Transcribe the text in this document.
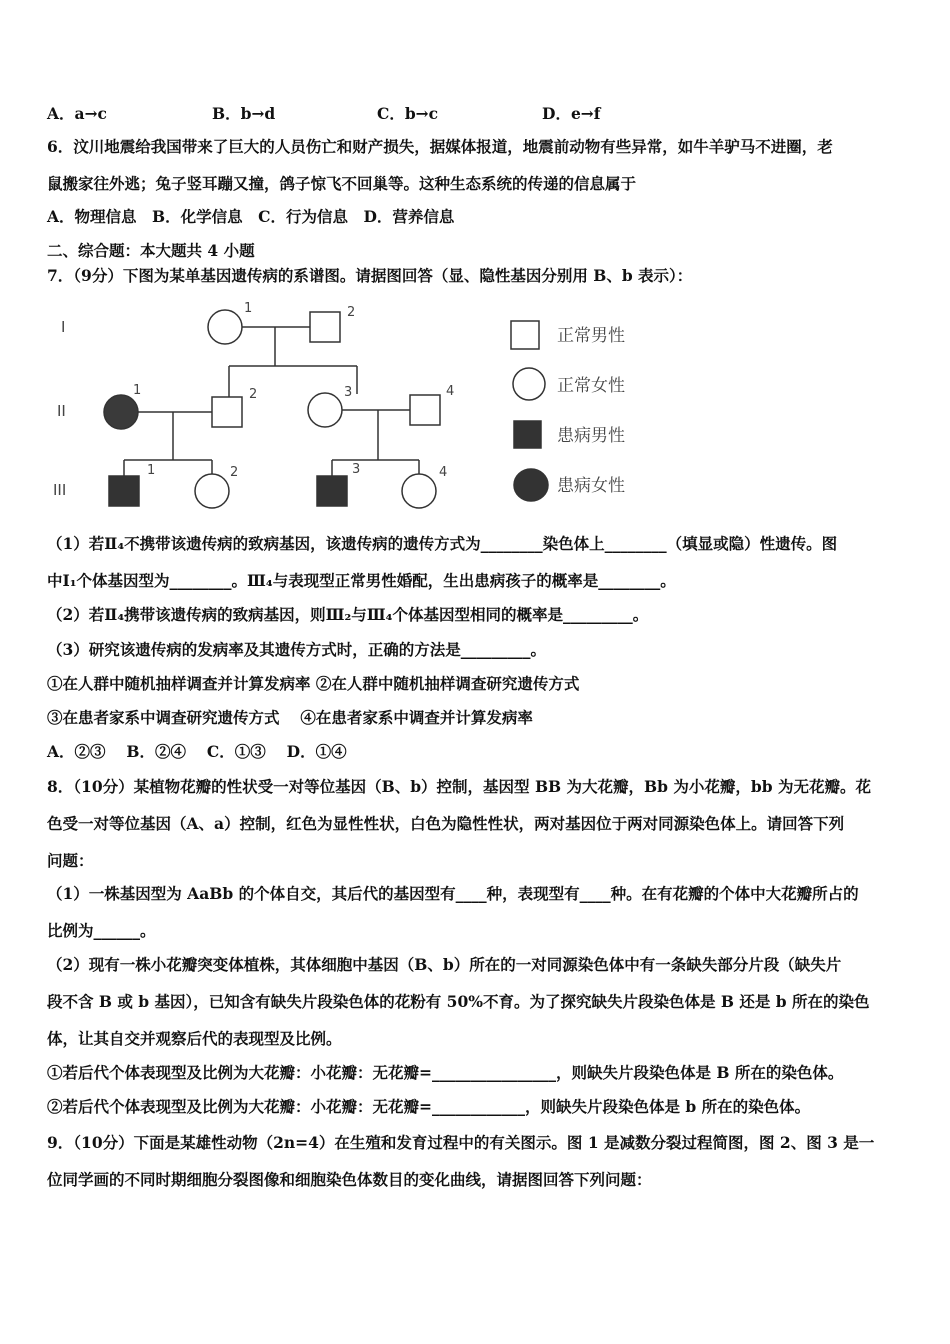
A．a→c	B．b→d	C．b→c	D．e→f
6．汶川地震给我国带来了巨大的人员伤亡和财产损失，据媒体报道，地震前动物有些异常，如牛羊驴马不进圈，老
鼠搬家往外逃；兔子竖耳蹦又撞，鸽子惊飞不回巢等。这种生态系统的传递的信息属于
A．物理信息　B．化学信息　C．行为信息　D．营养信息
二、综合题：本大题共 4 小题
7．（9分）下图为某单基因遗传病的系谱图。请据图回答（显、隐性基因分别用 B、b 表示）：
I
II
III
1	2
1	2	3	4
1	2	3	4
正常男性
正常女性
患病男性
患病女性
（1）若Ⅱ₄不携带该遗传病的致病基因，该遗传病的遗传方式为________染色体上________（填显或隐）性遗传。图
中Ⅰ₁个体基因型为________。Ⅲ₄与表现型正常男性婚配，生出患病孩子的概率是________。
（2）若Ⅱ₄携带该遗传病的致病基因，则Ⅲ₂与Ⅲ₄个体基因型相同的概率是_________。
（3）研究该遗传病的发病率及其遗传方式时，正确的方法是_________。
①在人群中随机抽样调查并计算发病率 ②在人群中随机抽样调查研究遗传方式
③在患者家系中调查研究遗传方式　 ④在患者家系中调查并计算发病率
A．②③　 B．②④　 C．①③　 D．①④
8．（10分）某植物花瓣的性状受一对等位基因（B、b）控制，基因型 BB 为大花瓣，Bb 为小花瓣，bb 为无花瓣。花
色受一对等位基因（A、a）控制，红色为显性性状，白色为隐性性状，两对基因位于两对同源染色体上。请回答下列
问题：
（1）一株基因型为 AaBb 的个体自交，其后代的基因型有____种，表现型有____种。在有花瓣的个体中大花瓣所占的
比例为______。
（2）现有一株小花瓣突变体植株，其体细胞中基因（B、b）所在的一对同源染色体中有一条缺失部分片段（缺失片
段不含 B 或 b 基因），已知含有缺失片段染色体的花粉有 50%不育。为了探究缺失片段染色体是 B 还是 b 所在的染色
体，让其自交并观察后代的表现型及比例。
①若后代个体表现型及比例为大花瓣：小花瓣：无花瓣=________________，则缺失片段染色体是 B 所在的染色体。
②若后代个体表现型及比例为大花瓣：小花瓣：无花瓣=____________，则缺失片段染色体是 b 所在的染色体。
9．（10分）下面是某雄性动物（2n=4）在生殖和发育过程中的有关图示。图 1 是减数分裂过程简图，图 2、图 3 是一
位同学画的不同时期细胞分裂图像和细胞染色体数目的变化曲线，请据图回答下列问题：
